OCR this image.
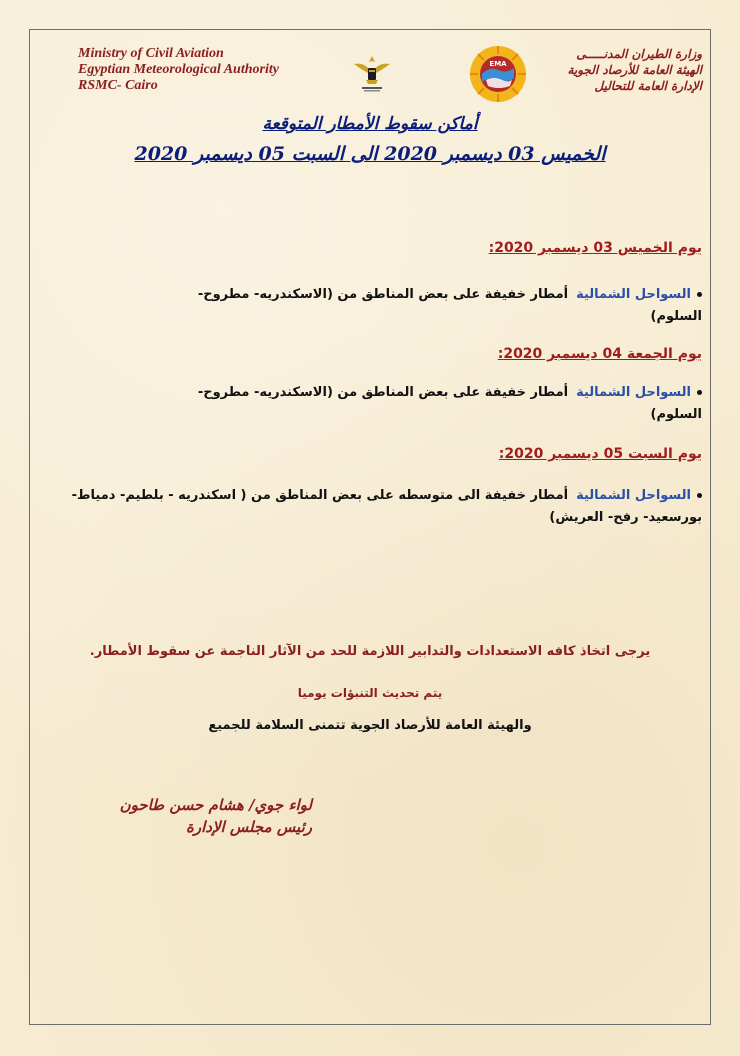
Ministry of Civil Aviation
Egyptian Meteorological Authority
RSMC- Cairo
EMA
وزارة الطيران المدنـــــى
الهيئة العامة للأرصاد الجوية
الإدارة العامة للتحاليل
أماكن سقوط الأمطار المتوقعة
الخميس 03 ديسمبر 2020 الى السبت 05 ديسمبر 2020
يوم الخميس 03 ديسمبر 2020:
السواحل الشماليةأمطار خفيفة على بعض المناطق من (الاسكندريه- مطروح- السلوم)
يوم الجمعة 04 ديسمبر 2020:
السواحل الشماليةأمطار خفيفة على بعض المناطق من (الاسكندريه- مطروح- السلوم)
يوم السبت 05 ديسمبر 2020:
السواحل الشماليةأمطار خفيفة الى متوسطه على بعض المناطق من ( اسكندريه - بلطيم- دمياط- بورسعيد- رفح- العريش)
يرجى اتخاذ كافه الاستعدادات والتدابير اللازمة للحد من الآثار الناجمة عن سقوط الأمطار.
يتم تحديث التنبؤات يوميا
والهيئة العامة للأرصاد الجوية تتمنى السلامة للجميع
لواء جوي/ هشام حسن طاحون
رئيس مجلس الإدارة
